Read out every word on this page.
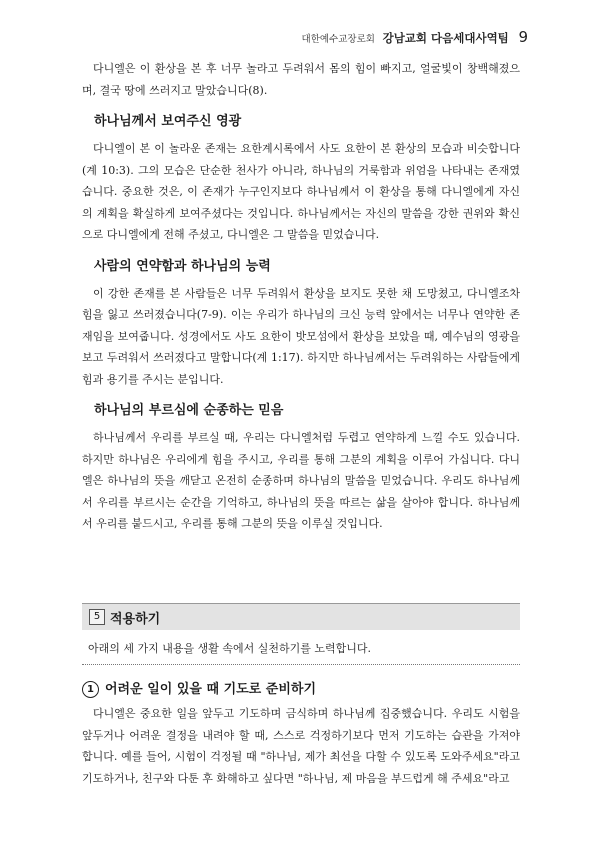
대한예수교장로회 강남교회 다음세대사역팀 9

다니엘은 이 환상을 본 후 너무 놀라고 두려워서 몸의 힘이 빠지고, 얼굴빛이 창백해졌으며, 결국 땅에 쓰러지고 말았습니다(8).

하나님께서 보여주신 영광

다니엘이 본 이 놀라운 존재는 요한계시록에서 사도 요한이 본 환상의 모습과 비슷합니다(계 10:3). 그의 모습은 단순한 천사가 아니라, 하나님의 거룩함과 위엄을 나타내는 존재였습니다. 중요한 것은, 이 존재가 누구인지보다 하나님께서 이 환상을 통해 다니엘에게 자신의 계획을 확실하게 보여주셨다는 것입니다. 하나님께서는 자신의 말씀을 강한 권위와 확신으로 다니엘에게 전해 주셨고, 다니엘은 그 말씀을 믿었습니다.

사람의 연약함과 하나님의 능력

이 강한 존재를 본 사람들은 너무 두려워서 환상을 보지도 못한 채 도망쳤고, 다니엘조차 힘을 잃고 쓰러졌습니다(7-9). 이는 우리가 하나님의 크신 능력 앞에서는 너무나 연약한 존재임을 보여줍니다. 성경에서도 사도 요한이 밧모섬에서 환상을 보았을 때, 예수님의 영광을 보고 두려워서 쓰러졌다고 말합니다(계 1:17). 하지만 하나님께서는 두려워하는 사람들에게 힘과 용기를 주시는 분입니다.

하나님의 부르심에 순종하는 믿음

하나님께서 우리를 부르실 때, 우리는 다니엘처럼 두렵고 연약하게 느낄 수도 있습니다. 하지만 하나님은 우리에게 힘을 주시고, 우리를 통해 그분의 계획을 이루어 가십니다. 다니엘은 하나님의 뜻을 깨닫고 온전히 순종하며 하나님의 말씀을 믿었습니다. 우리도 하나님께서 우리를 부르시는 순간을 기억하고, 하나님의 뜻을 따르는 삶을 살아야 합니다. 하나님께서 우리를 붙드시고, 우리를 통해 그분의 뜻을 이루실 것입니다.

5 적용하기
아래의 세 가지 내용을 생활 속에서 실천하기를 노력합니다.
1 어려운 일이 있을 때 기도로 준비하기

다니엘은 중요한 일을 앞두고 기도하며 금식하며 하나님께 집중했습니다. 우리도 시험을 앞두거나 어려운 결정을 내려야 할 때, 스스로 걱정하기보다 먼저 기도하는 습관을 가져야 합니다. 예를 들어, 시험이 걱정될 때 "하나님, 제가 최선을 다할 수 있도록 도와주세요"라고 기도하거나, 친구와 다툰 후 화해하고 싶다면 "하나님, 제 마음을 부드럽게 해 주세요"라고
